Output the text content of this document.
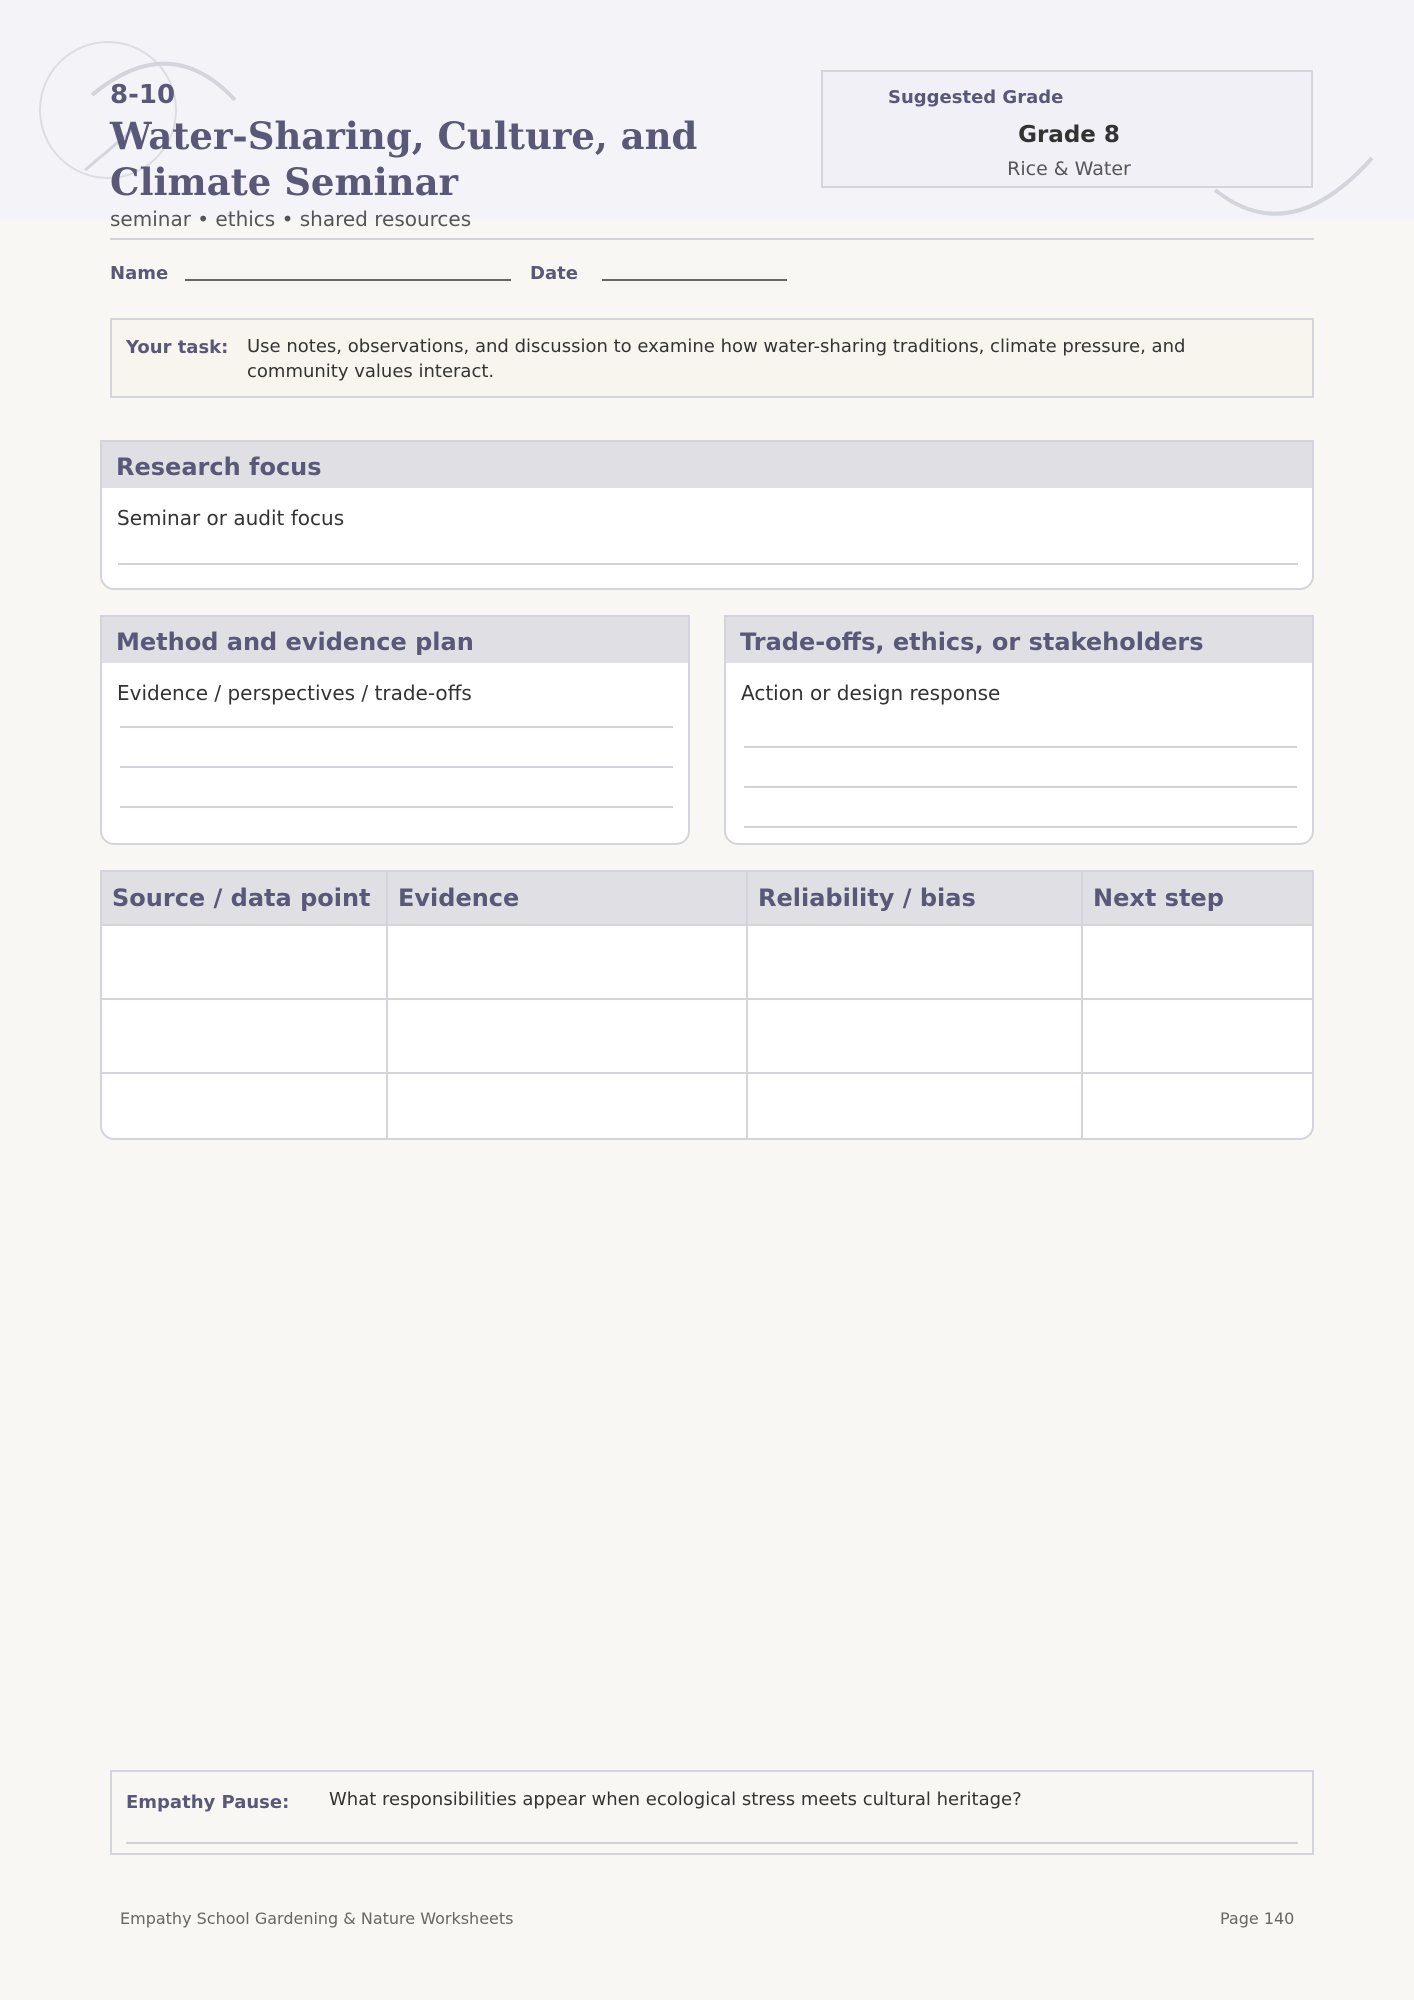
8-10
Water-Sharing, Culture, and Climate Seminar
seminar • ethics • shared resources
Suggested Grade
Grade 8
Rice & Water
Name	Date
Your task: Use notes, observations, and discussion to examine how water-sharing traditions, climate pressure, and community values interact.
Research focus
Seminar or audit focus
Method and evidence plan
Evidence / perspectives / trade-offs
Trade-offs, ethics, or stakeholders
Action or design response
Source / data point	Evidence	Reliability / bias	Next step

Empathy Pause: What responsibilities appear when ecological stress meets cultural heritage?
Empathy School Gardening & Nature Worksheets	Page 140
